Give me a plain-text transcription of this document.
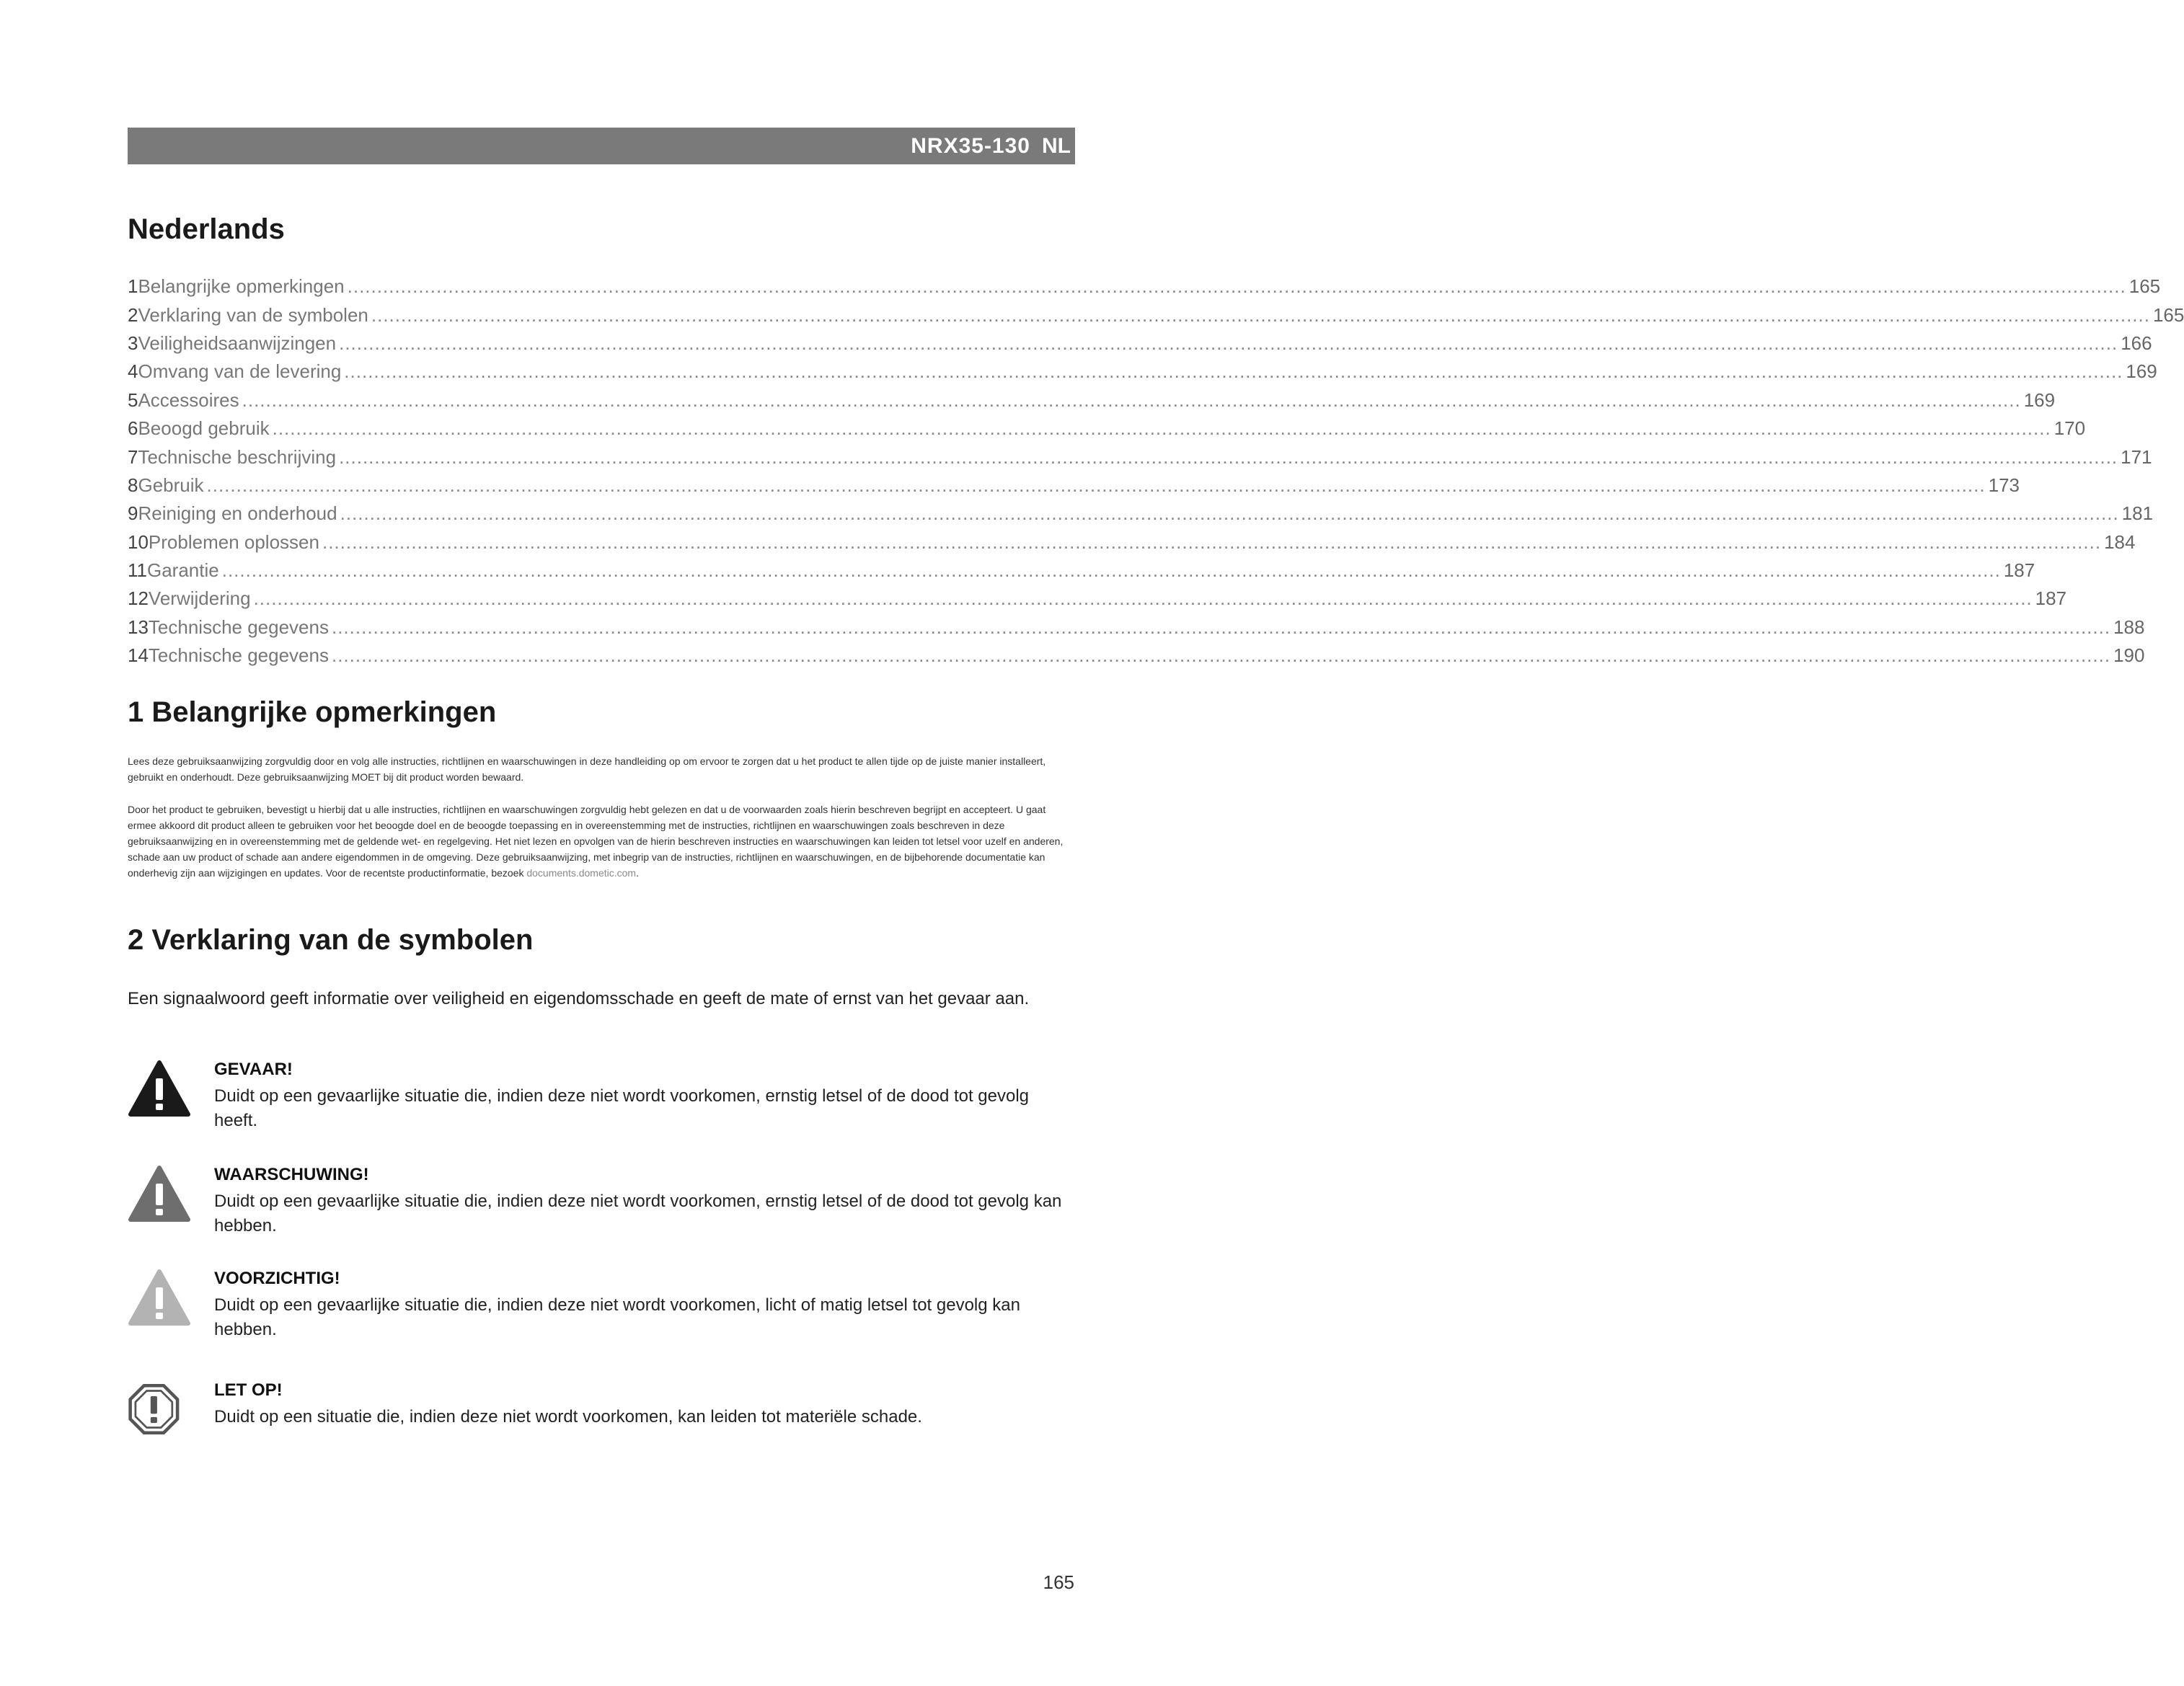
NRX35-130 NL
Nederlands
1 Belangrijke opmerkingen ............................................................................................................................................................................................................................................................................................................ 165
2 Verklaring van de symbolen ............................................................................................................................................................................................................................................................................................................ 165
3 Veiligheidsaanwijzingen ............................................................................................................................................................................................................................................................................................................ 166
4 Omvang van de levering ............................................................................................................................................................................................................................................................................................................ 169
5 Accessoires ............................................................................................................................................................................................................................................................................................................ 169
6 Beoogd gebruik ............................................................................................................................................................................................................................................................................................................ 170
7 Technische beschrijving ............................................................................................................................................................................................................................................................................................................ 171
8 Gebruik ............................................................................................................................................................................................................................................................................................................ 173
9 Reiniging en onderhoud ............................................................................................................................................................................................................................................................................................................ 181
10 Problemen oplossen ............................................................................................................................................................................................................................................................................................................ 184
11 Garantie ............................................................................................................................................................................................................................................................................................................ 187
12 Verwijdering ............................................................................................................................................................................................................................................................................................................ 187
13 Technische gegevens ............................................................................................................................................................................................................................................................................................................ 188
14 Technische gegevens ............................................................................................................................................................................................................................................................................................................ 190
1 Belangrijke opmerkingen

Lees deze gebruiksaanwijzing zorgvuldig door en volg alle instructies, richtlijnen en waarschuwingen in deze handleiding op om ervoor te zorgen dat u het product te allen tijde op de juiste manier installeert, gebruikt en onderhoudt. Deze gebruiksaanwijzing MOET bij dit product worden bewaard.

Door het product te gebruiken, bevestigt u hierbij dat u alle instructies, richtlijnen en waarschuwingen zorgvuldig hebt gelezen en dat u de voorwaarden zoals hierin beschreven begrijpt en accepteert. U gaat ermee akkoord dit product alleen te gebruiken voor het beoogde doel en de beoogde toepassing en in overeenstemming met de instructies, richtlijnen en waarschuwingen zoals beschreven in deze gebruiksaanwijzing en in overeenstemming met de geldende wet- en regelgeving. Het niet lezen en opvolgen van de hierin beschreven instructies en waarschuwingen kan leiden tot letsel voor uzelf en anderen, schade aan uw product of schade aan andere eigendommen in de omgeving. Deze gebruiksaanwijzing, met inbegrip van de instructies, richtlijnen en waarschuwingen, en de bijbehorende documentatie kan onderhevig zijn aan wijzigingen en updates. Voor de recentste productinformatie, bezoek documents.dometic.com.

2 Verklaring van de symbolen

Een signaalwoord geeft informatie over veiligheid en eigendomsschade en geeft de mate of ernst van het gevaar aan.

GEVAAR!

Duidt op een gevaarlijke situatie die, indien deze niet wordt voorkomen, ernstig letsel of de dood tot gevolg heeft.

WAARSCHUWING!

Duidt op een gevaarlijke situatie die, indien deze niet wordt voorkomen, ernstig letsel of de dood tot gevolg kan hebben.

VOORZICHTIG!

Duidt op een gevaarlijke situatie die, indien deze niet wordt voorkomen, licht of matig letsel tot gevolg kan hebben.

LET OP!

Duidt op een situatie die, indien deze niet wordt voorkomen, kan leiden tot materiële schade.

165
